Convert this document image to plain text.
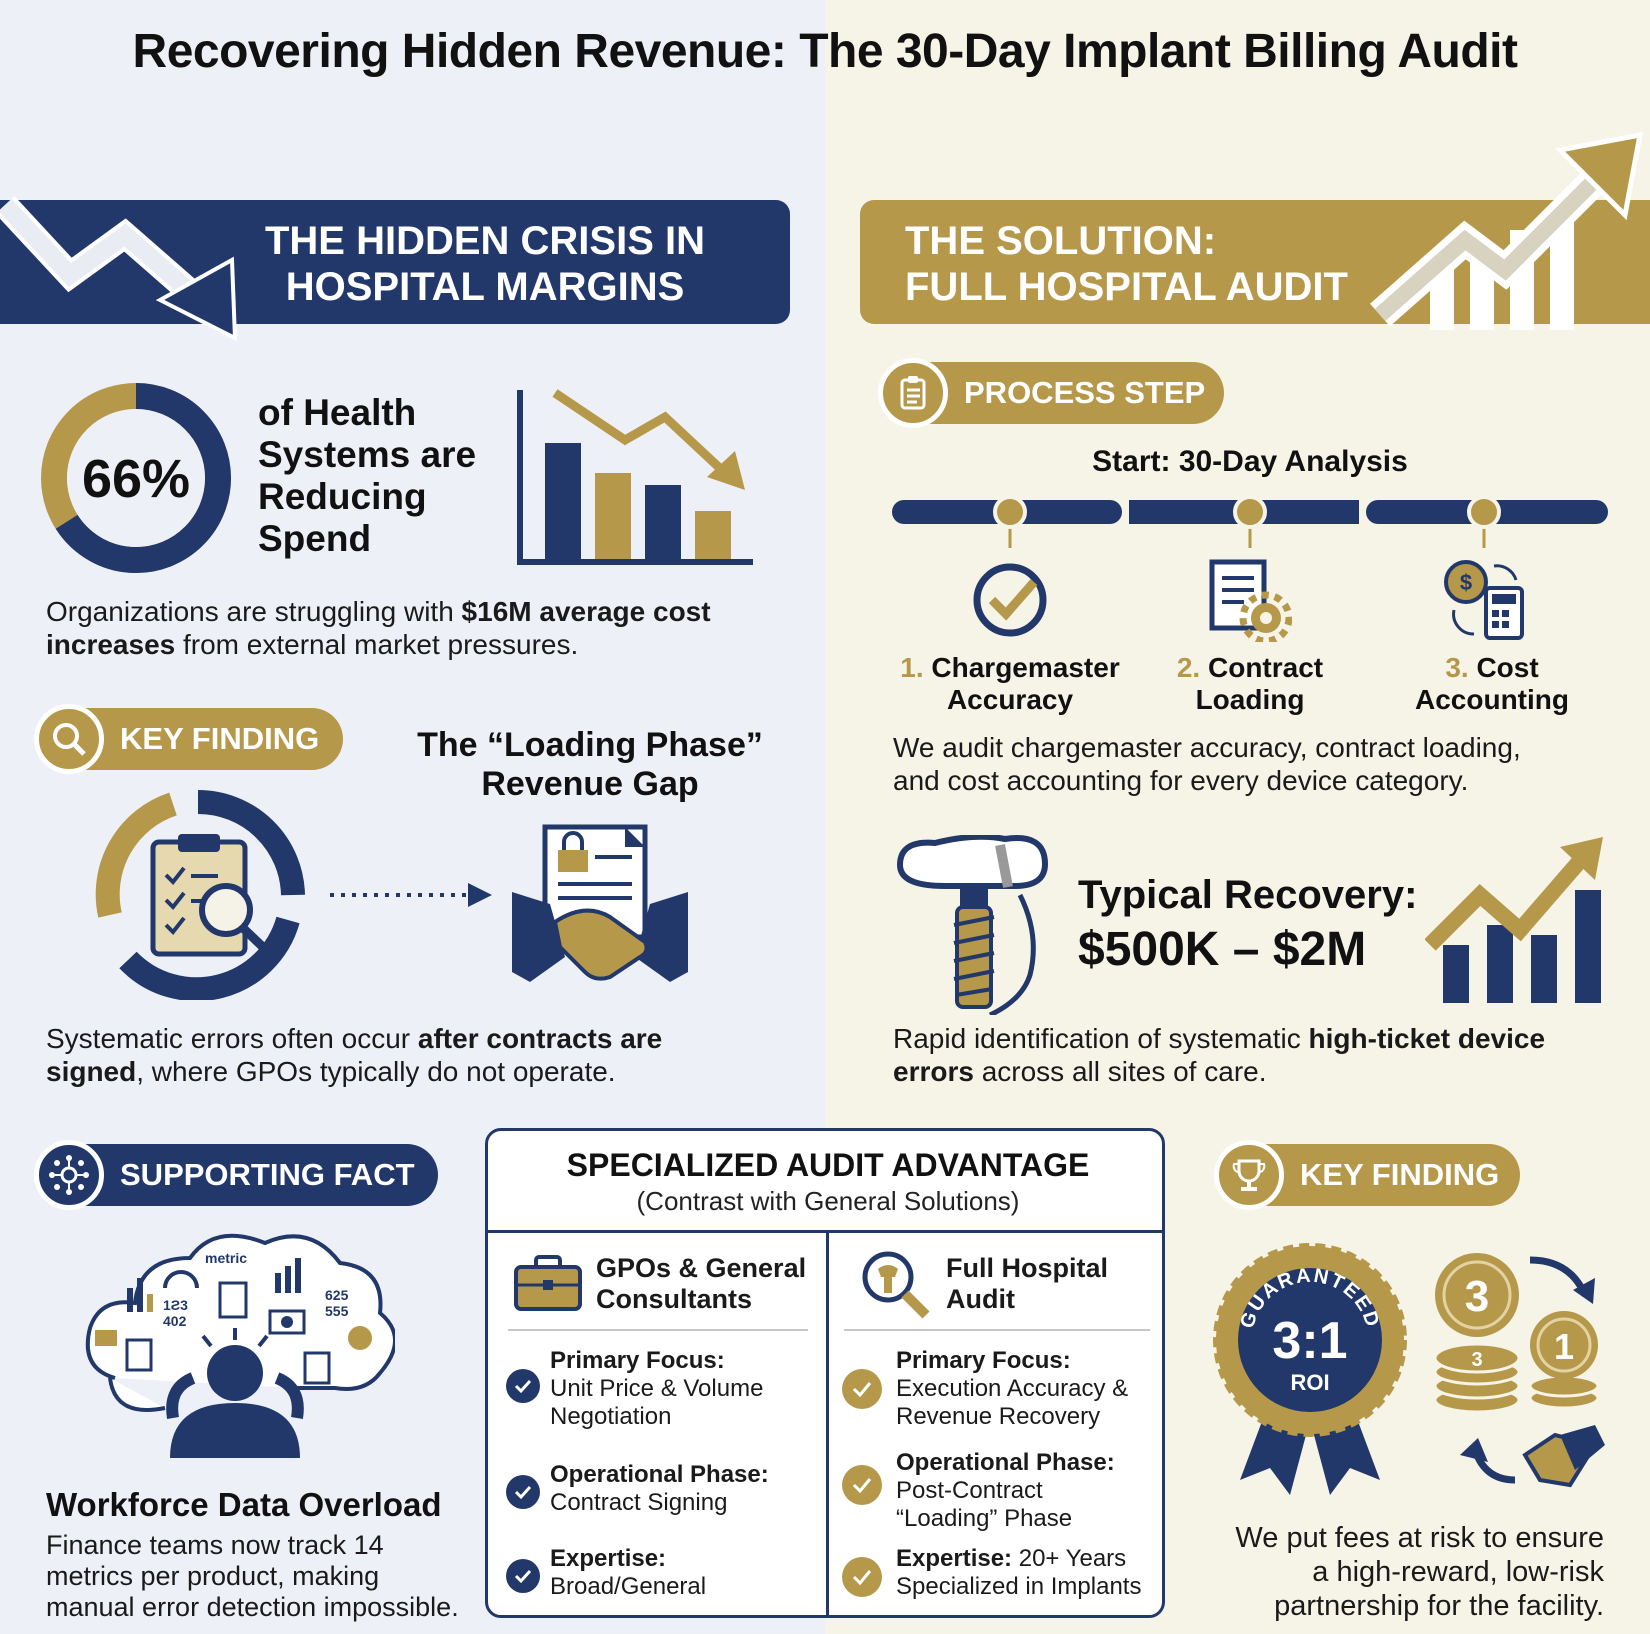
Recovering Hidden Revenue: The 30-Day Implant Billing Audit
THE HIDDEN CRISIS IN
HOSPITAL MARGINS
THE SOLUTION:
FULL HOSPITAL AUDIT
66%
of Health
Systems are
Reducing
Spend
Organizations are struggling with $16M average cost
increases from external market pressures.
KEY FINDING	The “Loading Phase”
Revenue Gap
Systematic errors often occur after contracts are
signed, where GPOs typically do not operate.
PROCESS STEP
Start: 30-Day Analysis
$
1. Chargemaster
Accuracy
2. Contract
Loading
3. Cost
Accounting
We audit chargemaster accuracy, contract loading,
and cost accounting for every device category.
Typical Recovery:
$500K – $2M
Rapid identification of systematic high-ticket device
errors across all sites of care.
SUPPORTING FACT
metric
1Ƨ3
402
625
555
Workforce Data Overload
Finance teams now track 14
metrics per product, making
manual error detection impossible.
SPECIALIZED AUDIT ADVANTAGE
(Contrast with General Solutions)
GPOs & General
Consultants
Primary Focus:
Unit Price & Volume
Negotiation
Operational Phase:
Contract Signing
Expertise:
Broad/General
Full Hospital
Audit
Primary Focus:
Execution Accuracy &
Revenue Recovery
Operational Phase:
Post-Contract
“Loading” Phase
Expertise: 20+ Years
Specialized in Implants
KEY FINDING
GUARANTEED
3:1
ROI
3
3 1
We put fees at risk to ensure
a high-reward, low-risk
partnership for the facility.
